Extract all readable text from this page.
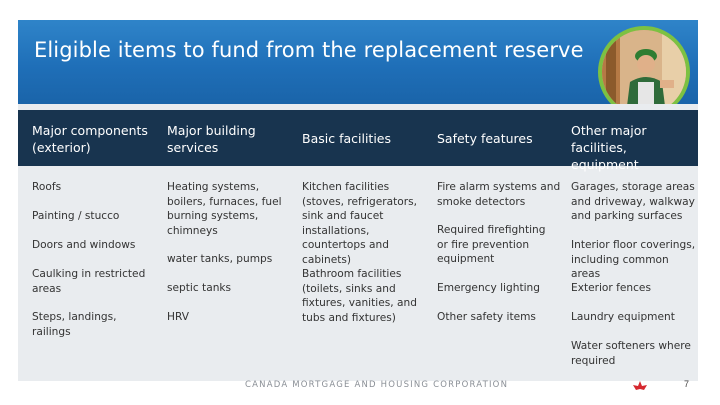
Eligible items to fund from the replacement reserve
Major components (exterior)
Major building services
Basic facilities	Safety features
Other major facilities, equipment
Roofs
Painting / stucco
Doors and windows
Caulking in restricted areas
Steps, landings, railings
Heating systems, boilers, furnaces, fuel burning systems, chimneys
water tanks, pumps
septic tanks
HRV
Kitchen facilities (stoves, refrigerators, sink and faucet installations, countertops and cabinets)
Bathroom facilities (toilets, sinks and fixtures, vanities, and tubs and fixtures)
Fire alarm systems and smoke detectors
Required firefighting or fire prevention equipment
Emergency lighting
Other safety items
Garages, storage areas and driveway, walkway and parking surfaces
Interior floor coverings, including common areas
Exterior fences
Laundry equipment
Water softeners where required
CANADA MORTGAGE AND HOUSING CORPORATION	7
